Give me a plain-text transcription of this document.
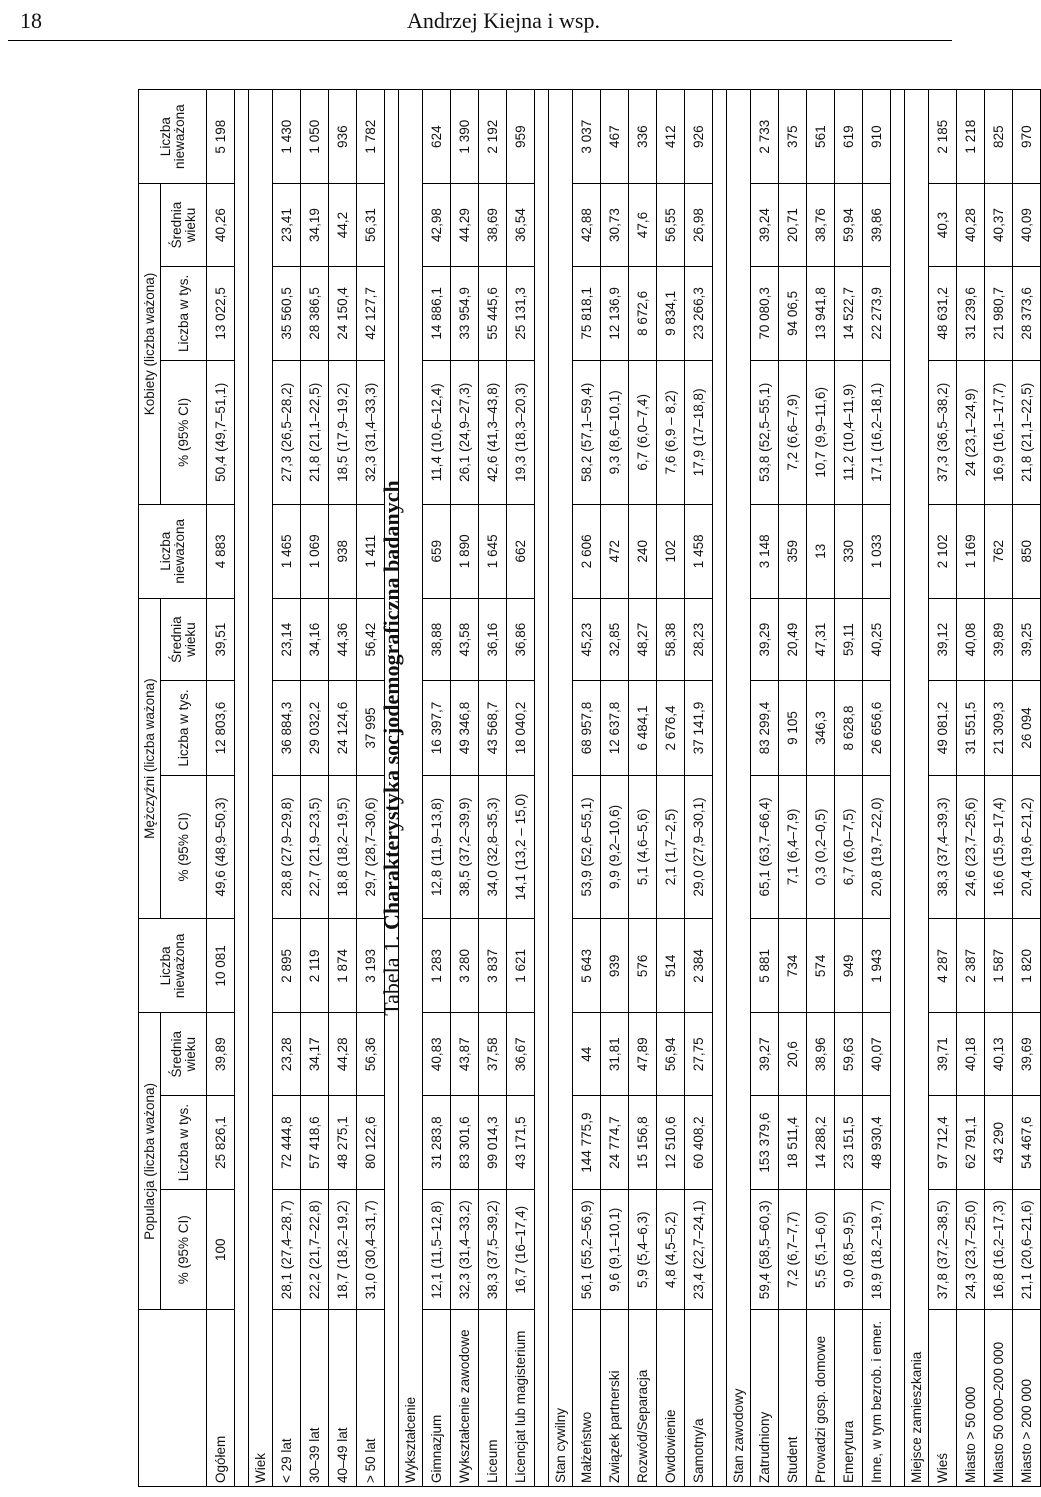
18	Andrzej Kiejna i wsp.
Tabela 1. Charakterystyka socjodemograficzna badanych
	Populacja (liczba ważona)			Liczba nieważona	Mężczyźni (liczba ważona)			Liczba nieważona	Kobiety (liczba ważona)			Liczba nieważona
	% (95% CI)	Liczba w tys.	Średnia wieku		% (95% CI)	Liczba w tys.	Średnia wieku		% (95% CI)	Liczba w tys.	Średnia wieku	
Ogółem	100	25 826,1	39,89	10 081	49,6 (48,9–50,3)	12 803,6	39,51	4 883	50,4 (49,7–51,1)	13 022,5	40,26	5 198

Wiek												
< 29 lat	28,1 (27,4–28,7)	72 444,8	23,28	2 895	28,8 (27,9–29,8)	36 884,3	23,14	1 465	27,3 (26,5–28,2)	35 560,5	23,41	1 430
30–39 lat	22,2 (21,7–22,8)	57 418,6	34,17	2 119	22,7 (21,9–23,5)	29 032,2	34,16	1 069	21,8 (21,1–22,5)	28 386,5	34,19	1 050
40–49 lat	18,7 (18,2–19,2)	48 275,1	44,28	1 874	18,8 (18,2–19,5)	24 124,6	44,36	938	18,5 (17,9–19,2)	24 150,4	44,2	936
> 50 lat	31,0 (30,4–31,7)	80 122,6	56,36	3 193	29,7 (28,7–30,6)	37 995	56,42	1 411	32,3 (31,4–33,3)	42 127,7	56,31	1 782

Wykształcenie												
Gimnazjum	12,1 (11,5–12,8)	31 283,8	40,83	1 283	12,8 (11,9–13,8)	16 397,7	38,88	659	11,4 (10,6–12,4)	14 886,1	42,98	624
Wykształcenie zawodowe	32,3 (31,4–33,2)	83 301,6	43,87	3 280	38,5 (37,2–39,9)	49 346,8	43,58	1 890	26,1 (24,9–27,3)	33 954,9	44,29	1 390
Liceum	38,3 (37,5–39,2)	99 014,3	37,58	3 837	34,0 (32,8–35,3)	43 568,7	36,16	1 645	42,6 (41,3–43,8)	55 445,6	38,69	2 192
Licencjat lub magisterium	16,7 (16–17,4)	43 171,5	36,67	1 621	14,1 (13,2 – 15,0)	18 040,2	36,86	662	19,3 (18,3–20,3)	25 131,3	36,54	959

Stan cywilny												
Małżeństwo	56,1 (55,2–56,9)	144 775,9	44	5 643	53,9 (52,6–55,1)	68 957,8	45,23	2 606	58,2 (57,1–59,4)	75 818,1	42,88	3 037
Związek partnerski	9,6 (9,1–10,1)	24 774,7	31,81	939	9,9 (9,2–10,6)	12 637,8	32,85	472	9,3 (8,6–10,1)	12 136,9	30,73	467
Rozwód/Separacja	5,9 (5,4–6,3)	15 156,8	47,89	576	5,1 (4,6–5,6)	6 484,1	48,27	240	6,7 (6,0–7,4)	8 672,6	47,6	336
Owdowienie	4,8 (4,5–5,2)	12 510,6	56,94	514	2,1 (1,7–2,5)	2 676,4	58,38	102	7,6 (6,9 – 8,2)	9 834,1	56,55	412
Samotny/a	23,4 (22,7–24,1)	60 408,2	27,75	2 384	29,0 (27,9–30,1)	37 141,9	28,23	1 458	17,9 (17–18,8)	23 266,3	26,98	926

Stan zawodowy												
Zatrudniony	59,4 (58,5–60,3)	153 379,6	39,27	5 881	65,1 (63,7–66,4)	83 299,4	39,29	3 148	53,8 (52,5–55,1)	70 080,3	39,24	2 733
Student	7,2 (6,7–7,7)	18 511,4	20,6	734	7,1 (6,4–7,9)	9 105	20,49	359	7,2 (6,6–7,9)	94 06,5	20,71	375
Prowadzi gosp. domowe	5,5 (5,1–6,0)	14 288,2	38,96	574	0,3 (0,2–0,5)	346,3	47,31	13	10,7 (9,9–11,6)	13 941,8	38,76	561
Emerytura	9,0 (8,5–9,5)	23 151,5	59,63	949	6,7 (6,0–7,5)	8 628,8	59,11	330	11,2 (10,4–11,9)	14 522,7	59,94	619
Inne, w tym bezrob. i emer.	18,9 (18,2–19,7)	48 930,4	40,07	1 943	20,8 (19,7–22,0)	26 656,6	40,25	1 033	17,1 (16,2–18,1)	22 273,9	39,86	910

Miejsce zamieszkania												
Wieś	37,8 (37,2–38,5)	97 712,4	39,71	4 287	38,3 (37,4–39,3)	49 081,2	39,12	2 102	37,3 (36,5–38,2)	48 631,2	40,3	2 185
Miasto > 50 000	24,3 (23,7–25,0)	62 791,1	40,18	2 387	24,6 (23,7–25,6)	31 551,5	40,08	1 169	24 (23,1–24,9)	31 239,6	40,28	1 218
Miasto 50 000–200 000	16,8 (16,2–17,3)	43 290	40,13	1 587	16,6 (15,9–17,4)	21 309,3	39,89	762	16,9 (16,1–17,7)	21 980,7	40,37	825
Miasto > 200 000	21,1 (20,6–21,6)	54 467,6	39,69	1 820	20,4 (19,6–21,2)	26 094	39,25	850	21,8 (21,1–22,5)	28 373,6	40,09	970
